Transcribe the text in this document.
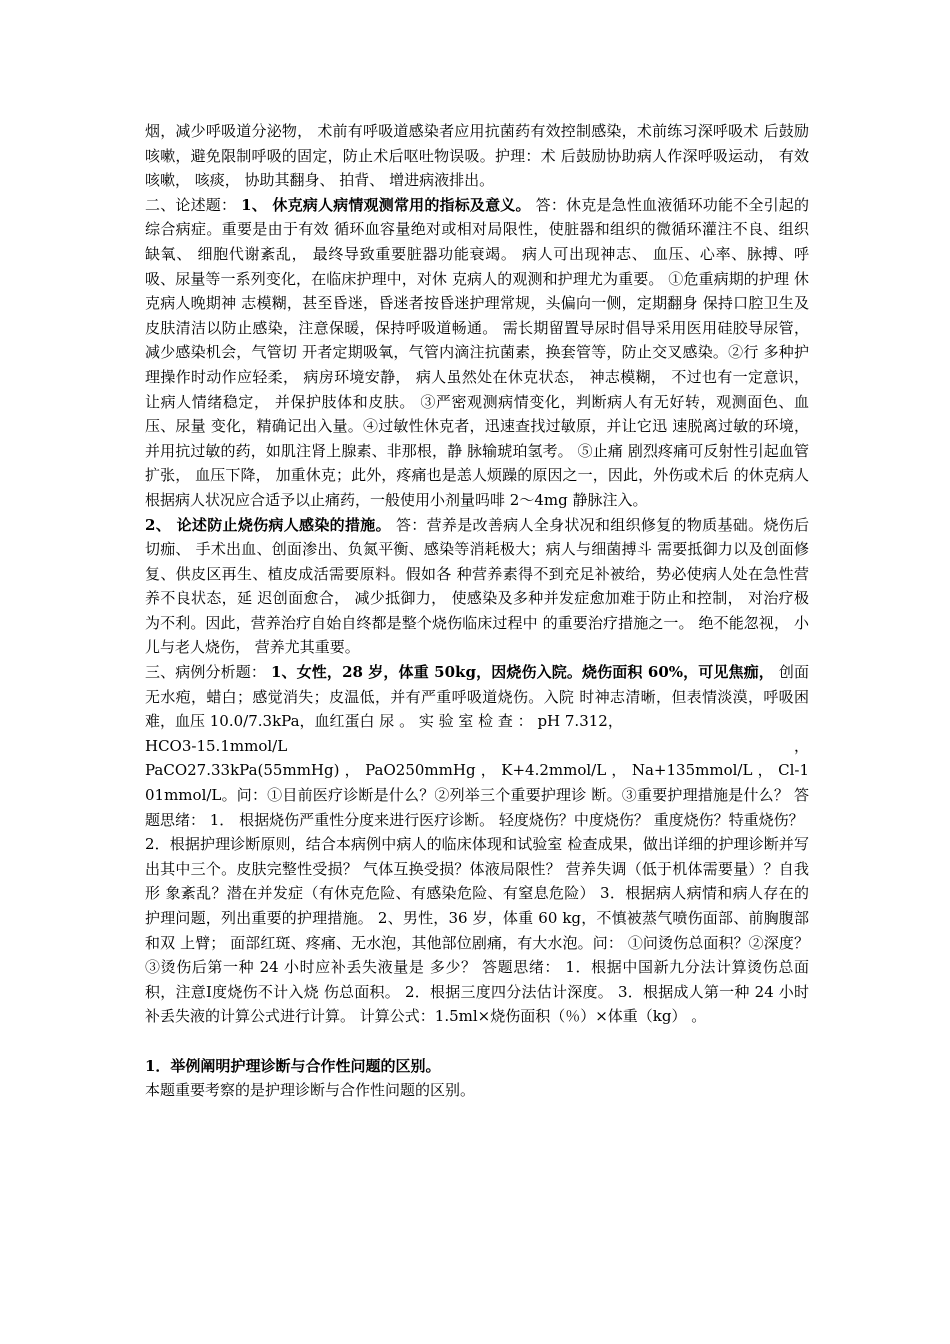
烟，减少呼吸道分泌物， 术前有呼吸道感染者应用抗菌药有效控制感染，术前练习深呼吸术 后鼓励咳嗽，避免限制呼吸的固定，防止术后呕吐物误吸。护理：术 后鼓励协助病人作深呼吸运动， 有效咳嗽， 咳痰， 协助其翻身、 拍背、 增进病液排出。

二、论述题： 1、 休克病人病情观测常用的指标及意义。 答：休克是急性血液循环功能不全引起的综合病症。重要是由于有效 循环血容量绝对或相对局限性，使脏器和组织的微循环灌注不良、组织缺氧、 细胞代谢紊乱， 最终导致重要脏器功能衰竭。 病人可出现神志、 血压、心率、脉搏、呼吸、尿量等一系列变化，在临床护理中，对休 克病人的观测和护理尤为重要。 ①危重病期的护理 休克病人晚期神 志模糊，甚至昏迷，昏迷者按昏迷护理常规，头偏向一侧，定期翻身 保持口腔卫生及皮肤清洁以防止感染，注意保暖，保持呼吸道畅通。 需长期留置导尿时倡导采用医用硅胶导尿管，减少感染机会，气管切 开者定期吸氧，气管内滴注抗菌素，换套管等，防止交叉感染。②行 多种护理操作时动作应轻柔， 病房环境安静， 病人虽然处在休克状态， 神志模糊， 不过也有一定意识， 让病人情绪稳定， 并保护肢体和皮肤。 ③严密观测病情变化，判断病人有无好转，观测面色、血压、尿量 变化，精确记出入量。④过敏性休克者，迅速查找过敏原，并让它迅 速脱离过敏的环境，并用抗过敏的药，如肌注肾上腺素、非那根，静 脉输琥珀氢考。 ⑤止痛 剧烈疼痛可反射性引起血管扩张， 血压下降， 加重休克；此外，疼痛也是恙人烦躁的原因之一，因此，外伤或术后 的休克病人根据病人状况应合适予以止痛药，一般使用小剂量吗啡 2～4mg 静脉注入。

2、 论述防止烧伤病人感染的措施。 答：营养是改善病人全身状况和组织修复的物质基础。烧伤后切痂、 手术出血、创面渗出、负氮平衡、感染等消耗极大；病人与细菌搏斗 需要抵御力以及创面修复、供皮区再生、植皮成活需要原料。假如各 种营养素得不到充足补被给，势必使病人处在急性营养不良状态，延 迟创面愈合， 减少抵御力， 使感染及多种并发症愈加难于防止和控制， 对治疗极为不利。因此，营养治疗自始自终都是整个烧伤临床过程中 的重要治疗措施之一。 绝不能忽视， 小儿与老人烧伤， 营养尤其重要。

三、病例分析题： 1、女性，28 岁，体重 50kg，因烧伤入院。烧伤面积 60%，可见焦痂， 创面无水疱，蜡白；感觉消失；皮温低，并有严重呼吸道烧伤。入院 时神志清晰，但表情淡漠，呼吸困难，血压 10.0/7.3kPa，血红蛋白 尿 。 实 验 室 检 查 ： pH 7.312，

HCO3-15.1mmol/L	，

PaCO27.33kPa(55mmHg) ， PaO250mmHg ， K+4.2mmol/L ， Na+135mmol/L ， Cl-101mmol/L。问：①目前医疗诊断是什么？②列举三个重要护理诊 断。③重要护理措施是什么？ 答题思绪： 1． 根据烧伤严重性分度来进行医疗诊断。 轻度烧伤？中度烧伤？ 重度烧伤？特重烧伤？

2．根据护理诊断原则，结合本病例中病人的临床体现和试验室 检查成果，做出详细的护理诊断并写出其中三个。皮肤完整性受损？ 气体互换受损？体液局限性？ 营养失调（低于机体需要量）？自我形 象紊乱？潜在并发症（有休克危险、有感染危险、有窒息危险） 3．根据病人病情和病人存在的护理问题，列出重要的护理措施。 2、男性，36 岁，体重 60 kg，不慎被蒸气喷伤面部、前胸腹部和双 上臂； 面部红斑、疼痛、无水泡，其他部位剧痛，有大水泡。问： ①问烫伤总面积？②深度？③烫伤后第一种 24 小时应补丢失液量是 多少？ 答题思绪： 1．根据中国新九分法计算烫伤总面积，注意Ⅰ度烧伤不计入烧 伤总面积。 2．根据三度四分法估计深度。 3．根据成人第一种 24 小时补丢失液的计算公式进行计算。 计算公式：1.5ml×烧伤面积（％）×体重（kg） 。

1．举例阐明护理诊断与合作性问题的区别。

本题重要考察的是护理诊断与合作性问题的区别。
